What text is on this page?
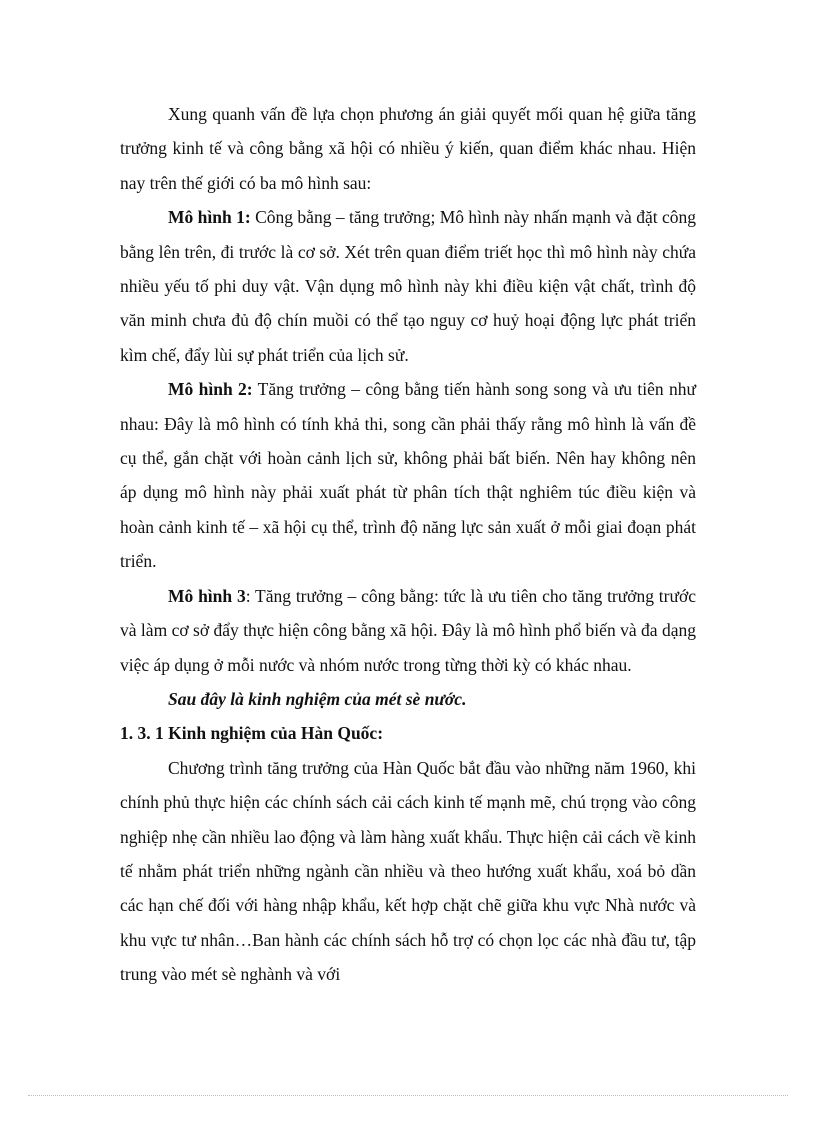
Xung quanh vấn đề lựa chọn phương án giải quyết mối quan hệ giữa tăng trưởng kinh tế và công bằng xã hội có nhiều ý kiến, quan điểm khác nhau. Hiện nay trên thế giới có ba mô hình sau:

Mô hình 1: Công bằng – tăng trưởng; Mô hình này nhấn mạnh và đặt công bằng lên trên, đi trước là cơ sở. Xét trên quan điểm triết học thì mô hình này chứa nhiều yếu tố phi duy vật. Vận dụng mô hình này khi điều kiện vật chất, trình độ văn minh chưa đủ độ chín muồi có thể tạo nguy cơ huỷ hoại động lực phát triển kìm chế, đẩy lùi sự phát triển của lịch sử.

Mô hình 2: Tăng trưởng – công bằng tiến hành song song và ưu tiên như nhau: Đây là mô hình có tính khả thi, song cần phải thấy rằng mô hình là vấn đề cụ thể, gắn chặt với hoàn cảnh lịch sử, không phải bất biến. Nên hay không nên áp dụng mô hình này phải xuất phát từ phân tích thật nghiêm túc điều kiện và hoàn cảnh kinh tế – xã hội cụ thể, trình độ năng lực sản xuất ở mỗi giai đoạn phát triển.

Mô hình 3: Tăng trưởng – công bằng: tức là ưu tiên cho tăng trưởng trước và làm cơ sở đẩy thực hiện công bằng xã hội. Đây là mô hình phổ biến và đa dạng việc áp dụng ở mỗi nước và nhóm nước trong từng thời kỳ có khác nhau.

Sau đây là kinh nghiệm của mét sè nước.

1. 3. 1 Kinh nghiệm của Hàn Quốc:

Chương trình tăng trưởng của Hàn Quốc bắt đầu vào những năm 1960, khi chính phủ thực hiện các chính sách cải cách kinh tế mạnh mẽ, chú trọng vào công nghiệp nhẹ cần nhiều lao động và làm hàng xuất khẩu. Thực hiện cải cách về kinh tế nhằm phát triển những ngành cần nhiều và theo hướng xuất khẩu, xoá bỏ dần các hạn chế đối với hàng nhập khẩu, kết hợp chặt chẽ giữa khu vực Nhà nước và khu vực tư nhân…Ban hành các chính sách hỗ trợ có chọn lọc các nhà đầu tư, tập trung vào mét sè nghành và với
